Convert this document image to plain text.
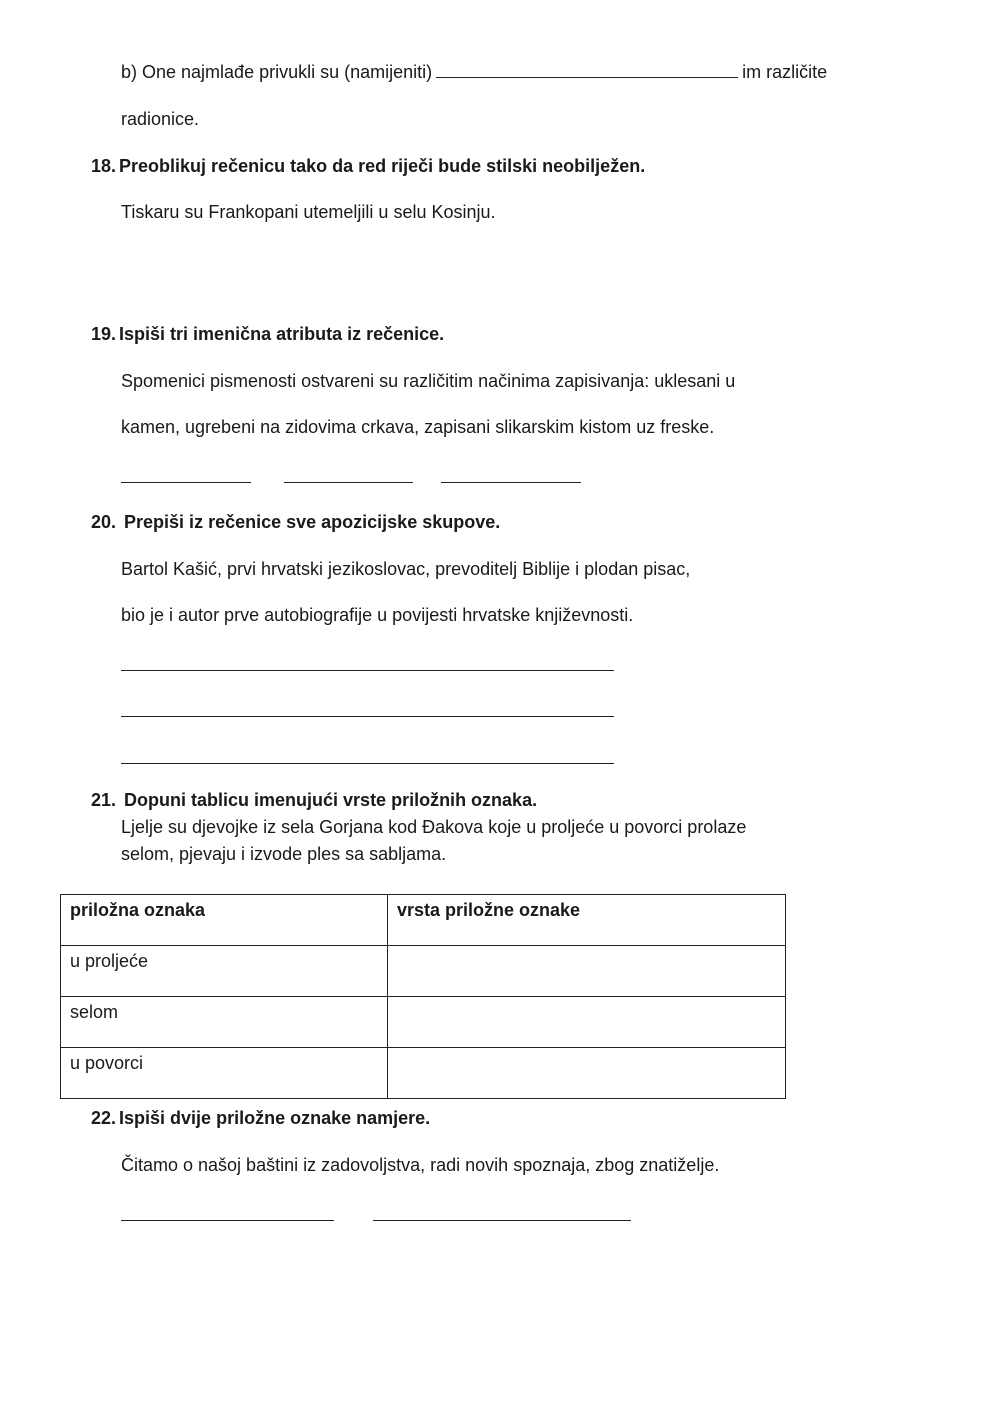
b) One najmlađe privukli su (namijeniti)	im različite
radionice.
18. Preoblikuj rečenicu tako da red riječi bude stilski neobilježen.
Tiskaru su Frankopani utemeljili u selu Kosinju.
19. Ispiši tri imenična atributa iz rečenice.
Spomenici pismenosti ostvareni su različitim načinima zapisivanja: uklesani u
kamen, ugrebeni na zidovima crkava, zapisani slikarskim kistom uz freske.
20. Prepiši iz rečenice sve apozicijske skupove.
Bartol Kašić, prvi hrvatski jezikoslovac, prevoditelj Biblije i plodan pisac,
bio je i autor prve autobiografije u povijesti hrvatske književnosti.
21. Dopuni tablicu imenujući vrste priložnih oznaka.
Ljelje su djevojke iz sela Gorjana kod Đakova koje u proljeće u povorci prolaze
selom, pjevaju i izvode ples sa sabljama.
priložna oznaka	vrsta priložne oznake
u proljeće	
selom	
u povorci	
22. Ispiši dvije priložne oznake namjere.
Čitamo o našoj baštini iz zadovoljstva, radi novih spoznaja, zbog znatiželje.
